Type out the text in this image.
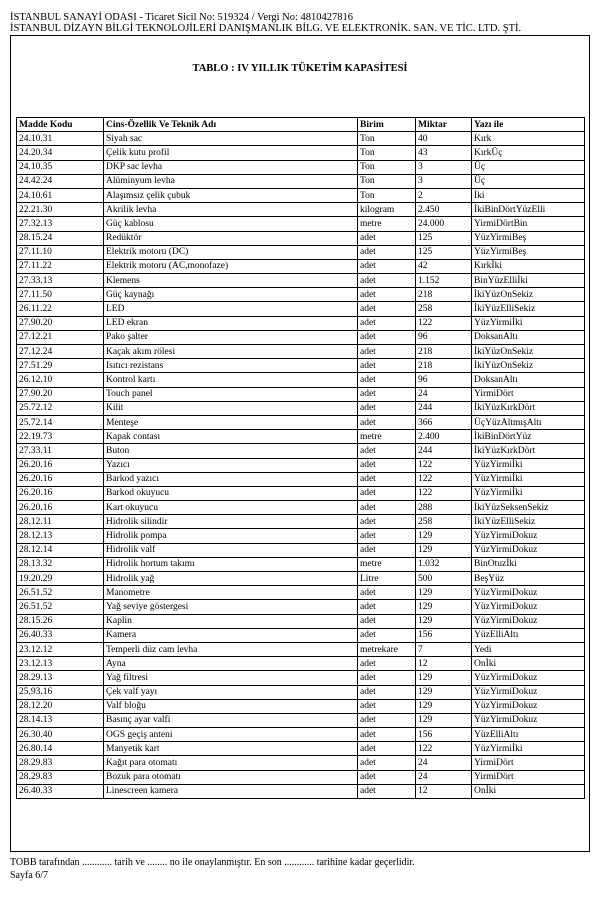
İSTANBUL SANAYİ ODASI - Ticaret Sicil No: 519324 / Vergi No: 4810427816
İSTANBUL DİZAYN BİLGİ TEKNOLOJİLERİ DANIŞMANLIK BİLG. VE ELEKTRONİK. SAN. VE TİC. LTD. ŞTİ.
TABLO : IV YILLIK TÜKETİM KAPASİTESİ
Madde Kodu	Cins-Özellik Ve Teknik Adı	Birim	Miktar	Yazı ile
24.10.31	Siyah sac	Ton	40	Kırk
24.20.34	Çelik kutu profil	Ton	43	KırkÜç
24.10.35	DKP sac levha	Ton	3	Üç
24.42.24	Alüminyum levha	Ton	3	Üç
24.10.61	Alaşımsız çelik çubuk	Ton	2	İki
22.21.30	Akrilik levha	kilogram	2.450	İkiBinDörtYüzElli
27.32.13	Güç kablosu	metre	24.000	YirmiDörtBin
28.15.24	Redüktör	adet	125	YüzYirmiBeş
27.11.10	Elektrik motoru (DC)	adet	125	YüzYirmiBeş
27.11.22	Elektrik motoru (AC,monofaze)	adet	42	Kırkİki
27.33.13	Klemens	adet	1.152	BinYüzElliİki
27.11.50	Güç kaynağı	adet	218	İkiYüzOnSekiz
26.11.22	LED	adet	258	İkiYüzElliSekiz
27.90.20	LED ekran	adet	122	YüzYirmiİki
27.12.21	Pako şalter	adet	96	DoksanAltı
27.12.24	Kaçak akım rölesi	adet	218	İkiYüzOnSekiz
27.51.29	Isıtıcı rezistans	adet	218	İkiYüzOnSekiz
26.12.10	Kontrol kartı	adet	96	DoksanAltı
27.90.20	Touch panel	adet	24	YirmiDört
25.72.12	Kilit	adet	244	İkiYüzKırkDört
25.72.14	Menteşe	adet	366	ÜçYüzAltmışAltı
22.19.73	Kapak contası	metre	2.400	İkiBinDörtYüz
27.33.11	Buton	adet	244	İkiYüzKırkDört
26.20.16	Yazıcı	adet	122	YüzYirmiİki
26.20.16	Barkod yazıcı	adet	122	YüzYirmiİki
26.20.16	Barkod okuyucu	adet	122	YüzYirmiİki
26.20.16	Kart okuyucu	adet	288	İkiYüzSeksenSekiz
28.12.11	Hidrolik silindir	adet	258	İkiYüzElliSekiz
28.12.13	Hidrolik pompa	adet	129	YüzYirmiDokuz
28.12.14	Hidrolik valf	adet	129	YüzYirmiDokuz
28.13.32	Hidrolik hortum takımı	metre	1.032	BinOtuzİki
19.20.29	Hidrolik yağ	Litre	500	BeşYüz
26.51.52	Manometre	adet	129	YüzYirmiDokuz
26.51.52	Yağ seviye göstergesi	adet	129	YüzYirmiDokuz
28.15.26	Kaplin	adet	129	YüzYirmiDokuz
26.40.33	Kamera	adet	156	YüzElliAltı
23.12.12	Temperli düz cam levha	metrekare	7	Yedi
23.12.13	Ayna	adet	12	Onİki
28.29.13	Yağ filtresi	adet	129	YüzYirmiDokuz
25.93.16	Çek valf yayı	adet	129	YüzYirmiDokuz
28.12.20	Valf bloğu	adet	129	YüzYirmiDokuz
28.14.13	Basınç ayar valfi	adet	129	YüzYirmiDokuz
26.30.40	OGS geçiş anteni	adet	156	YüzElliAltı
26.80.14	Manyetik kart	adet	122	YüzYirmiİki
28.29.83	Kağıt para otomatı	adet	24	YirmiDört
28.29.83	Bozuk para otomatı	adet	24	YirmiDört
26.40.33	Linescreen kamera	adet	12	Onİki
TOBB tarafından ............ tarih ve ........ no ile onaylanmıştır. En son ............ tarihine kadar geçerlidir.
Sayfa 6/7
